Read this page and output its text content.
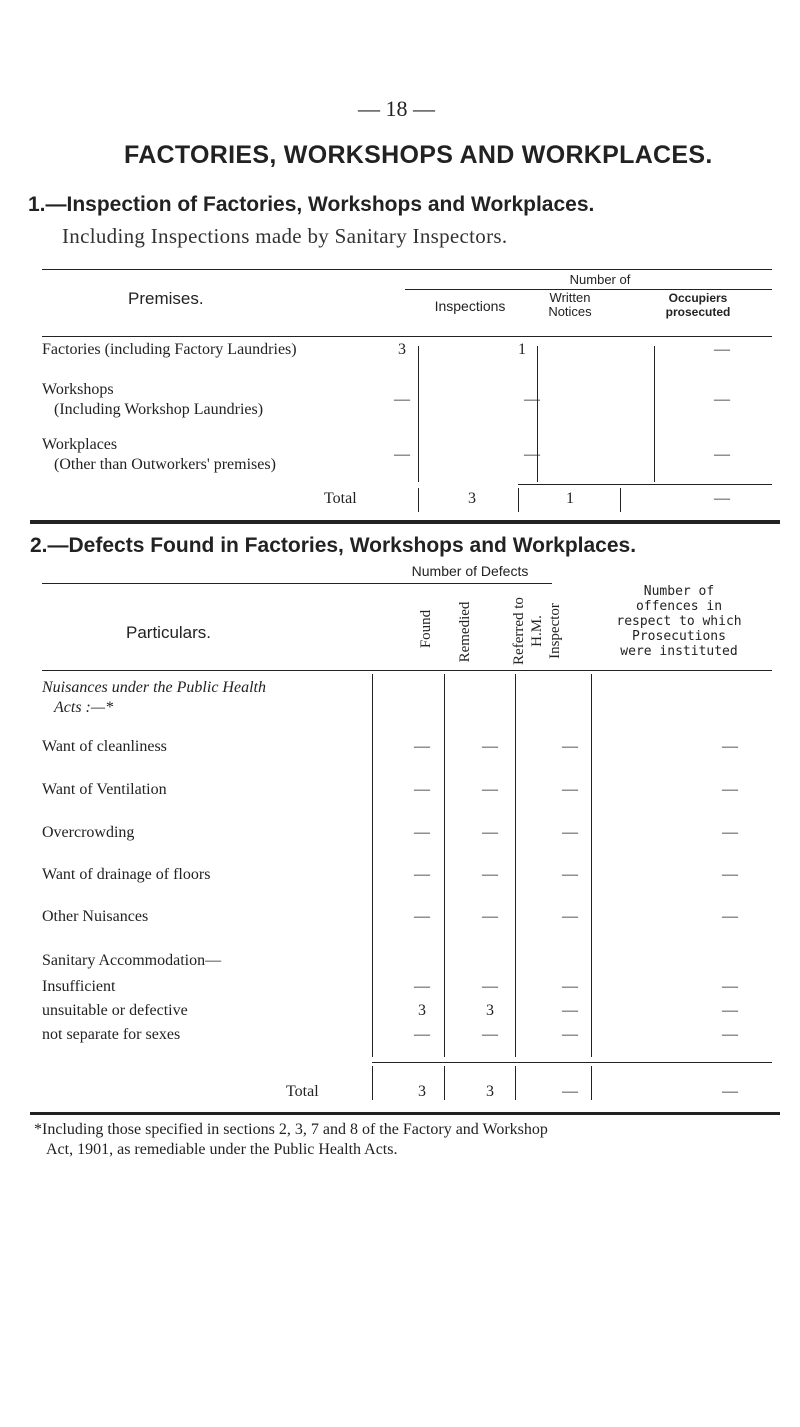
— 18 —
FACTORIES, WORKSHOPS AND WORKPLACES.
1.—Inspection of Factories, Workshops and Workplaces.
Including Inspections made by Sanitary Inspectors.
Premises.
Number of
Inspections
Written
Notices
Occupiers
prosecuted
Factories (including Factory Laundries)	3	1	—
Workshops
(Including Workshop Laundries)
—	—	—
Workplaces
(Other than Outworkers' premises)
—	—	—
Total	3	1	—
2.—Defects Found in Factories, Workshops and Workplaces.
Number of Defects
Particulars.	Found Remedied	Referred to H.M. Inspector
Number of
offences in
respect to which
Prosecutions
were instituted
Nuisances under the Public Health
Acts :—*
Want of cleanliness	—	—	—	—
Want of Ventilation	—	—	—	—
Overcrowding	—	—	—	—
Want of drainage of floors	—	—	—	—
Other Nuisances	—	—	—	—
Sanitary Accommodation—
Insufficient	—	—	—	—
unsuitable or defective	3	3	—	—
not separate for sexes	—	—	—	—
Total	3	3	—	—
*Including those specified in sections 2, 3, 7 and 8 of the Factory and Workshop
Act, 1901, as remediable under the Public Health Acts.
